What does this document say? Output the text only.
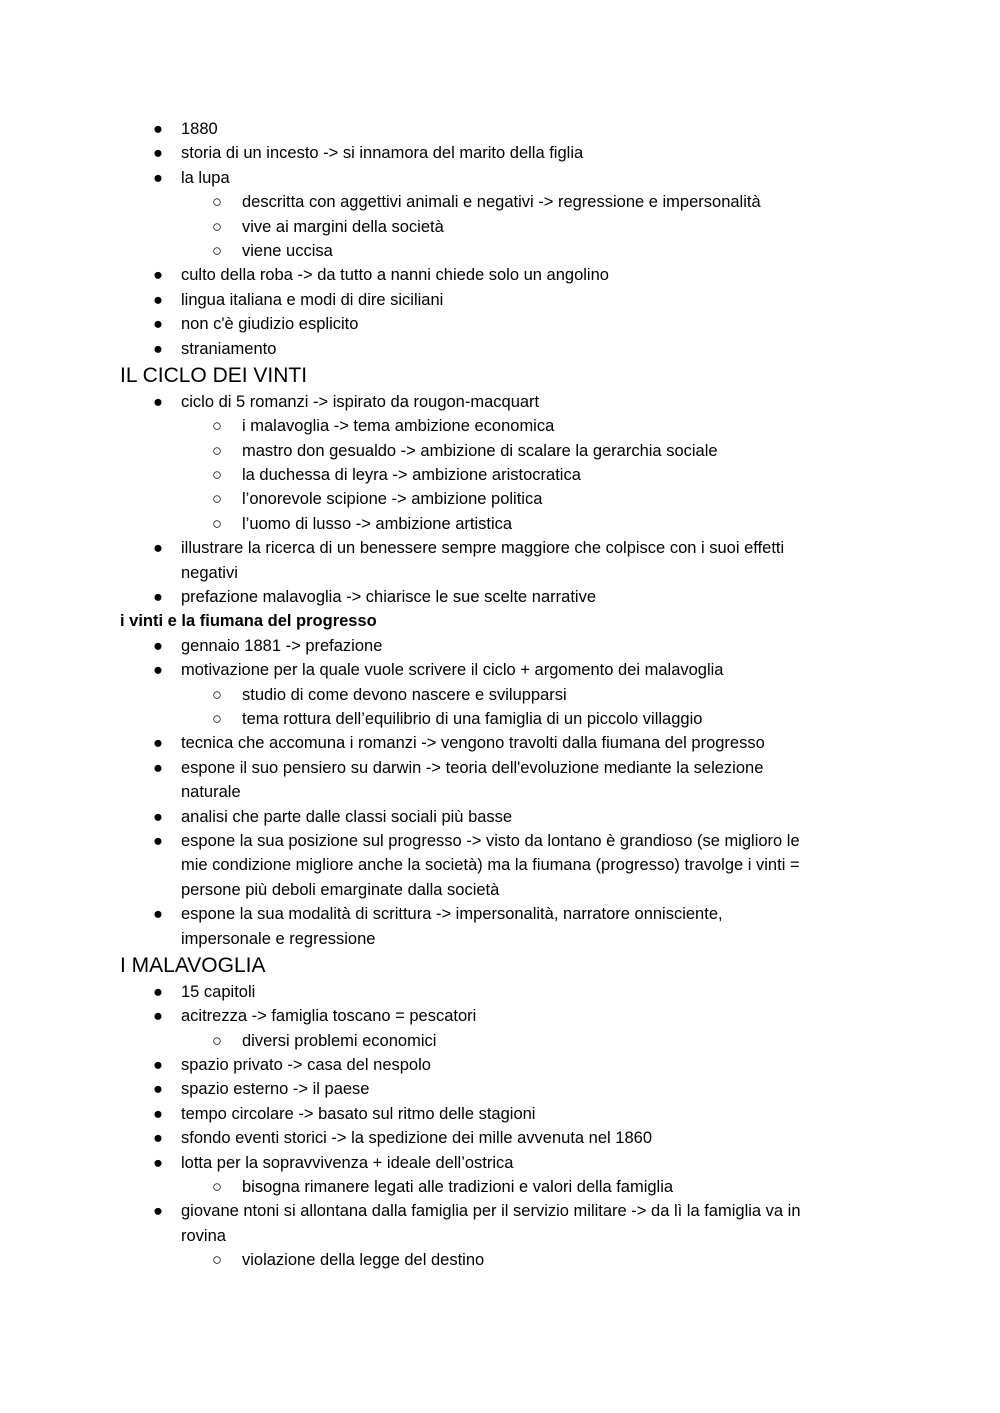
● 1880
● storia di un incesto -> si innamora del marito della figlia
● la lupa
○ descritta con aggettivi animali e negativi -> regressione e impersonalità
○ vive ai margini della società
○ viene uccisa
● culto della roba -> da tutto a nanni chiede solo un angolino
● lingua italiana e modi di dire siciliani
● non c'è giudizio esplicito
● straniamento
IL CICLO DEI VINTI
● ciclo di 5 romanzi -> ispirato da rougon-macquart
○ i malavoglia -> tema ambizione economica
○ mastro don gesualdo -> ambizione di scalare la gerarchia sociale
○ la duchessa di leyra -> ambizione aristocratica
○ l’onorevole scipione -> ambizione politica
○ l’uomo di lusso -> ambizione artistica
● illustrare la ricerca di un benessere sempre maggiore che colpisce con i suoi effetti
negativi
● prefazione malavoglia -> chiarisce le sue scelte narrative
i vinti e la fiumana del progresso
● gennaio 1881 -> prefazione
● motivazione per la quale vuole scrivere il ciclo + argomento dei malavoglia
○ studio di come devono nascere e svilupparsi
○ tema rottura dell’equilibrio di una famiglia di un piccolo villaggio
● tecnica che accomuna i romanzi -> vengono travolti dalla fiumana del progresso
● espone il suo pensiero su darwin -> teoria dell'evoluzione mediante la selezione
naturale
● analisi che parte dalle classi sociali più basse
● espone la sua posizione sul progresso -> visto da lontano è grandioso (se miglioro le
mie condizione migliore anche la società) ma la fiumana (progresso) travolge i vinti =
persone più deboli emarginate dalla società
● espone la sua modalità di scrittura -> impersonalità, narratore onnisciente,
impersonale e regressione
I MALAVOGLIA
● 15 capitoli
● acitrezza -> famiglia toscano = pescatori
○ diversi problemi economici
● spazio privato -> casa del nespolo
● spazio esterno -> il paese
● tempo circolare -> basato sul ritmo delle stagioni
● sfondo eventi storici -> la spedizione dei mille avvenuta nel 1860
● lotta per la sopravvivenza + ideale dell’ostrica
○ bisogna rimanere legati alle tradizioni e valori della famiglia
● giovane ntoni si allontana dalla famiglia per il servizio militare -> da lì la famiglia va in
rovina
○ violazione della legge del destino
